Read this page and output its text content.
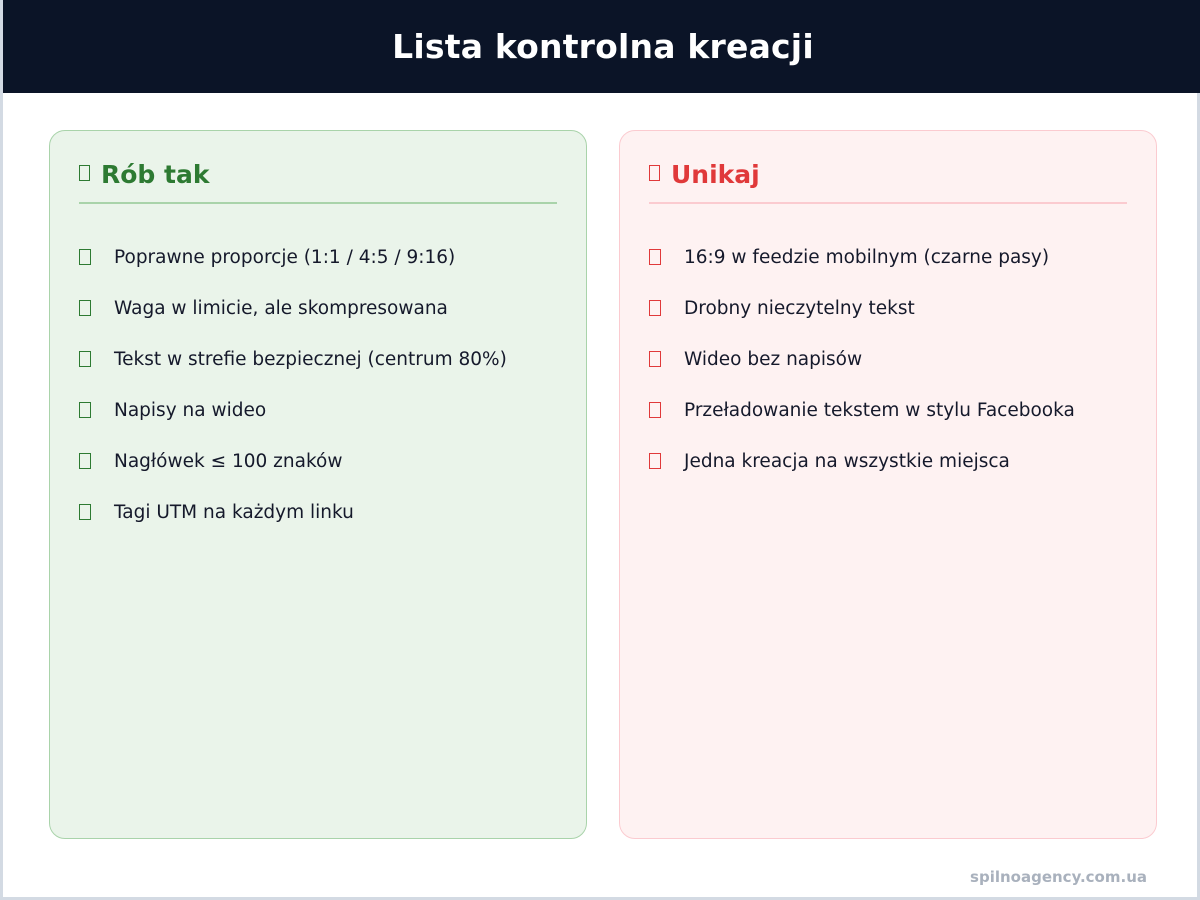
Lista kontrolna kreacji
Rób tak
Poprawne proporcje (1:1 / 4:5 / 9:16)
Waga w limicie, ale skompresowana
Tekst w strefie bezpiecznej (centrum 80%)
Napisy na wideo
Nagłówek ≤ 100 znaków
Tagi UTM na każdym linku
Unikaj
16:9 w feedzie mobilnym (czarne pasy)
Drobny nieczytelny tekst
Wideo bez napisów
Przeładowanie tekstem w stylu Facebooka
Jedna kreacja na wszystkie miejsca
spilnoagency.com.ua
